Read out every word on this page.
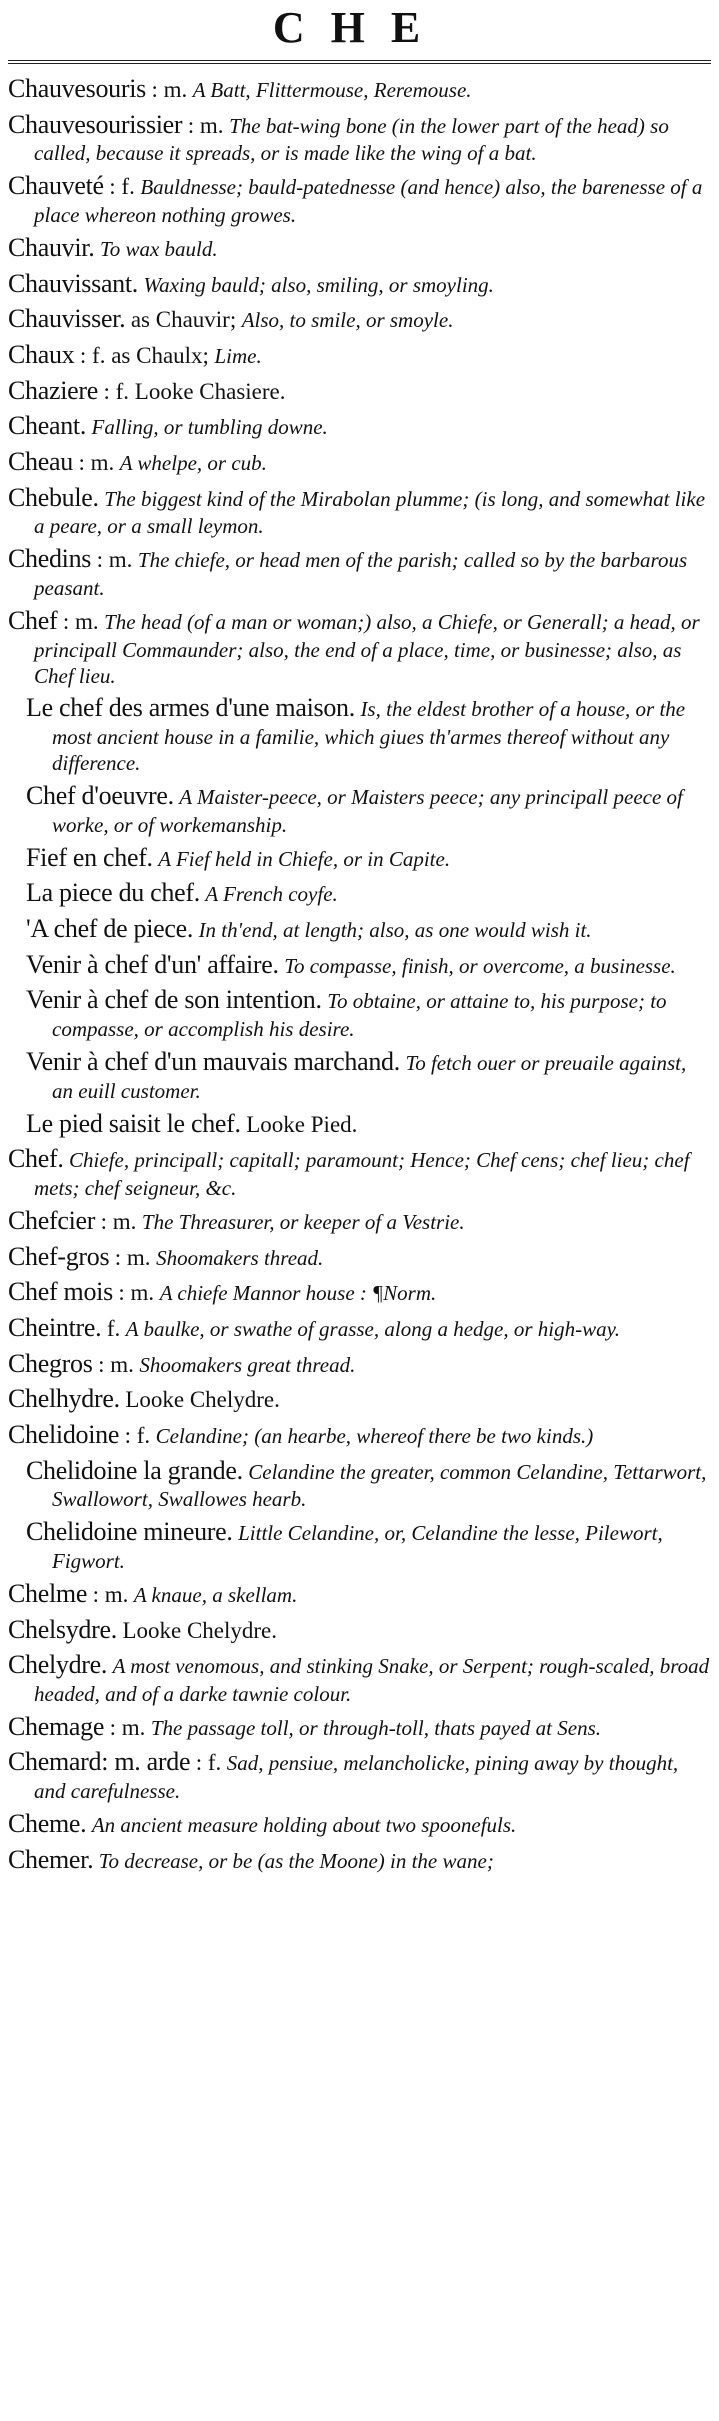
CHE

Chauvesouris : m. A Batt, Flittermouse, Reremouse.

Chauvesourissier : m. The bat-wing bone (in the lower part of the head) so called, because it spreads, or is made like the wing of a bat.

Chauveté : f. Bauldnesse; bauld-patednesse (and hence) also, the barenesse of a place whereon nothing growes.

Chauvir. To wax bauld.

Chauvissant. Waxing bauld; also, smiling, or smoyling.

Chauvisser. as Chauvir; Also, to smile, or smoyle.

Chaux : f. as Chaulx; Lime.

Chaziere : f. Looke Chasiere.

Cheant. Falling, or tumbling downe.

Cheau : m. A whelpe, or cub.

Chebule. The biggest kind of the Mirabolan plumme; (is long, and somewhat like a peare, or a small leymon.

Chedins : m. The chiefe, or head men of the parish; called so by the barbarous peasant.

Chef : m. The head (of a man or woman;) also, a Chiefe, or Generall; a head, or principall Commaunder; also, the end of a place, time, or businesse; also, as Chef lieu.

Le chef des armes d'une maison. Is, the eldest brother of a house, or the most ancient house in a familie, which giues th'armes thereof without any difference.

Chef d'oeuvre. A Maister-peece, or Maisters peece; any principall peece of worke, or of workemanship.

Fief en chef. A Fief held in Chiefe, or in Capite.

La piece du chef. A French coyfe.

'A chef de piece. In th'end, at length; also, as one would wish it.

Venir à chef d'un' affaire. To compasse, finish, or overcome, a businesse.

Venir à chef de son intention. To obtaine, or attaine to, his purpose; to compasse, or accomplish his desire.

Venir à chef d'un mauvais marchand. To fetch ouer or preuaile against, an euill customer.

Le pied saisit le chef. Looke Pied.

Chef. Chiefe, principall; capitall; paramount; Hence; Chef cens; chef lieu; chef mets; chef seigneur, &c.

Chefcier : m. The Threasurer, or keeper of a Vestrie.

Chef-gros : m. Shoomakers thread.

Chef mois : m. A chiefe Mannor house : ¶Norm.

Cheintre. f. A baulke, or swathe of grasse, along a hedge, or high-way.

Chegros : m. Shoomakers great thread.

Chelhydre. Looke Chelydre.

Chelidoine : f. Celandine; (an hearbe, whereof there be two kinds.)

Chelidoine la grande. Celandine the greater, common Celandine, Tettarwort, Swallowort, Swallowes hearb.

Chelidoine mineure. Little Celandine, or, Celandine the lesse, Pilewort, Figwort.

Chelme : m. A knaue, a skellam.

Chelsydre. Looke Chelydre.

Chelydre. A most venomous, and stinking Snake, or Serpent; rough-scaled, broad headed, and of a darke tawnie colour.

Chemage : m. The passage toll, or through-toll, thats payed at Sens.

Chemard: m. arde : f. Sad, pensiue, melancholicke, pining away by thought, and carefulnesse.

Cheme. An ancient measure holding about two spoonefuls.

Chemer. To decrease, or be (as the Moone) in the wane;
